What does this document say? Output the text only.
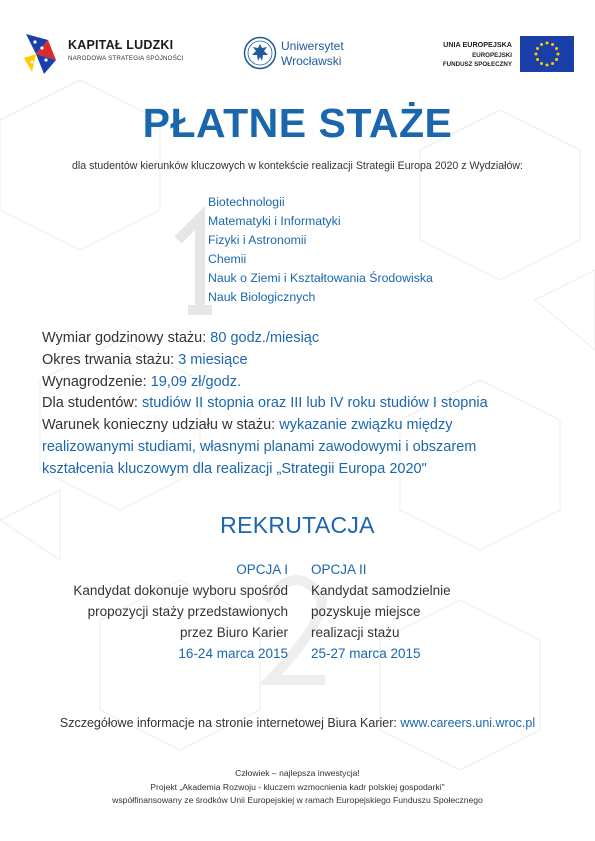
KAPITAŁ LUDZKI
NARODOWA STRATEGIA SPÓJNOŚCI
Uniwersytet
Wrocławski
UNIA EUROPEJSKA
EUROPEJSKI
FUNDUSZ SPOŁECZNY
PŁATNE STAŻE
dla studentów kierunków kluczowych w kontekście realizacji Strategii Europa 2020 z Wydziałów:
Biotechnologii
Matematyki i Informatyki
Fizyki i Astronomii
Chemii
Nauk o Ziemi i Kształtowania Środowiska
Nauk Biologicznych
Wymiar godzinowy stażu: 80 godz./miesiąc
Okres trwania stażu: 3 miesiące
Wynagrodzenie: 19,09 zł/godz.
Dla studentów: studiów II stopnia oraz III lub IV roku studiów I stopnia
Warunek konieczny udziału w stażu: wykazanie związku między
realizowanymi studiami, własnymi planami zawodowymi i obszarem
kształcenia kluczowym dla realizacji „Strategii Europa 2020"
REKRUTACJA
OPCJA I
Kandydat dokonuje wyboru spośród
propozycji staży przedstawionych
przez Biuro Karier
16-24 marca 2015
OPCJA II
Kandydat samodzielnie
pozyskuje miejsce
realizacji stażu
25-27 marca 2015
Szczegółowe informacje na stronie internetowej Biura Karier: www.careers.uni.wroc.pl
Człowiek – najlepsza inwestycja!
Projekt „Akademia Rozwoju - kluczem wzmocnienia kadr polskiej gospodarki"
współfinansowany ze środków Unii Europejskiej w ramach Europejskiego Funduszu Społecznego
